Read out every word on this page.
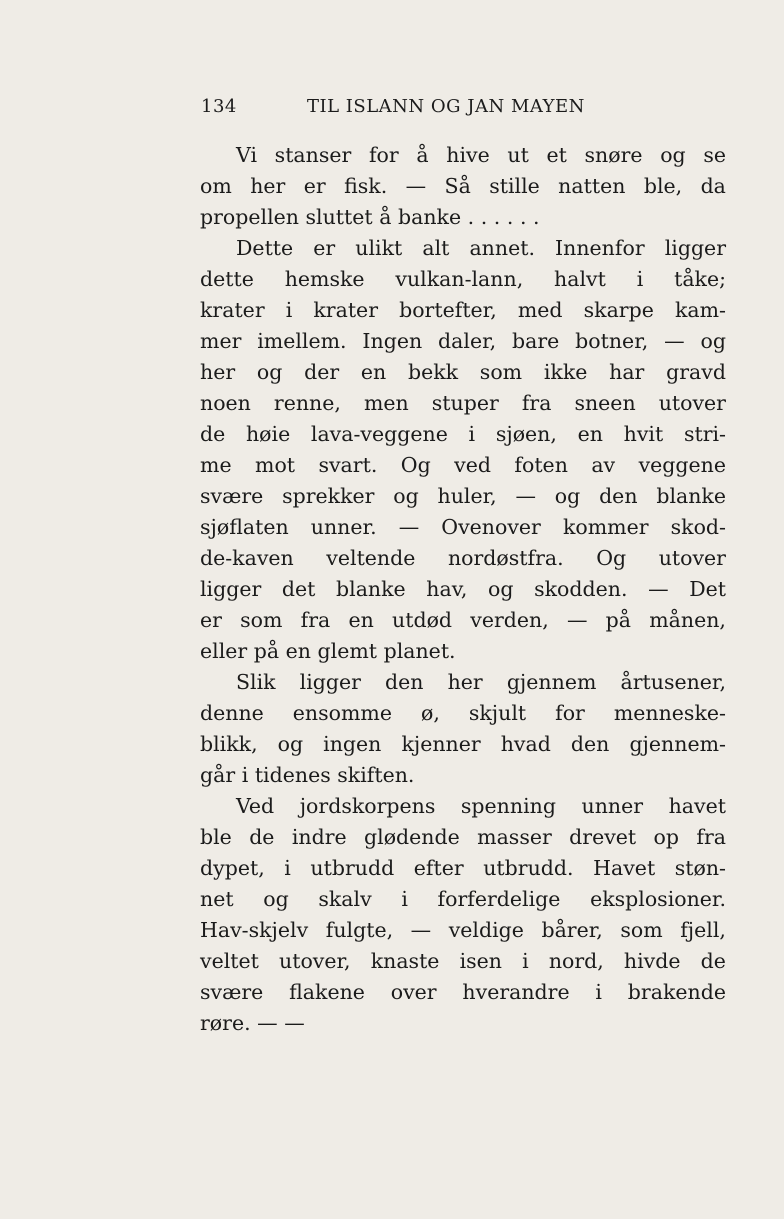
134	TIL ISLANN OG JAN MAYEN
Vi stanser for å hive ut et snøre og se
om her er fisk. — Så stille natten ble, da
propellen sluttet å banke . . . . . .
Dette er ulikt alt annet. Innenfor ligger
dette hemske vulkan-lann, halvt i tåke;
krater i krater bortefter, med skarpe kam-
mer imellem. Ingen daler, bare botner, — og
her og der en bekk som ikke har gravd
noen renne, men stuper fra sneen utover
de høie lava-veggene i sjøen, en hvit stri-
me mot svart. Og ved foten av veggene
svære sprekker og huler, — og den blanke
sjøflaten unner. — Ovenover kommer skod-
de-kaven veltende nordøstfra. Og utover
ligger det blanke hav, og skodden. — Det
er som fra en utdød verden, — på månen,
eller på en glemt planet.
Slik ligger den her gjennem årtusener,
denne ensomme ø, skjult for menneske-
blikk, og ingen kjenner hvad den gjennem-
går i tidenes skiften.
Ved jordskorpens spenning unner havet
ble de indre glødende masser drevet op fra
dypet, i utbrudd efter utbrudd. Havet støn-
net og skalv i forferdelige eksplosioner.
Hav-skjelv fulgte, — veldige bårer, som fjell,
veltet utover, knaste isen i nord, hivde de
svære flakene over hverandre i brakende
røre. — —
